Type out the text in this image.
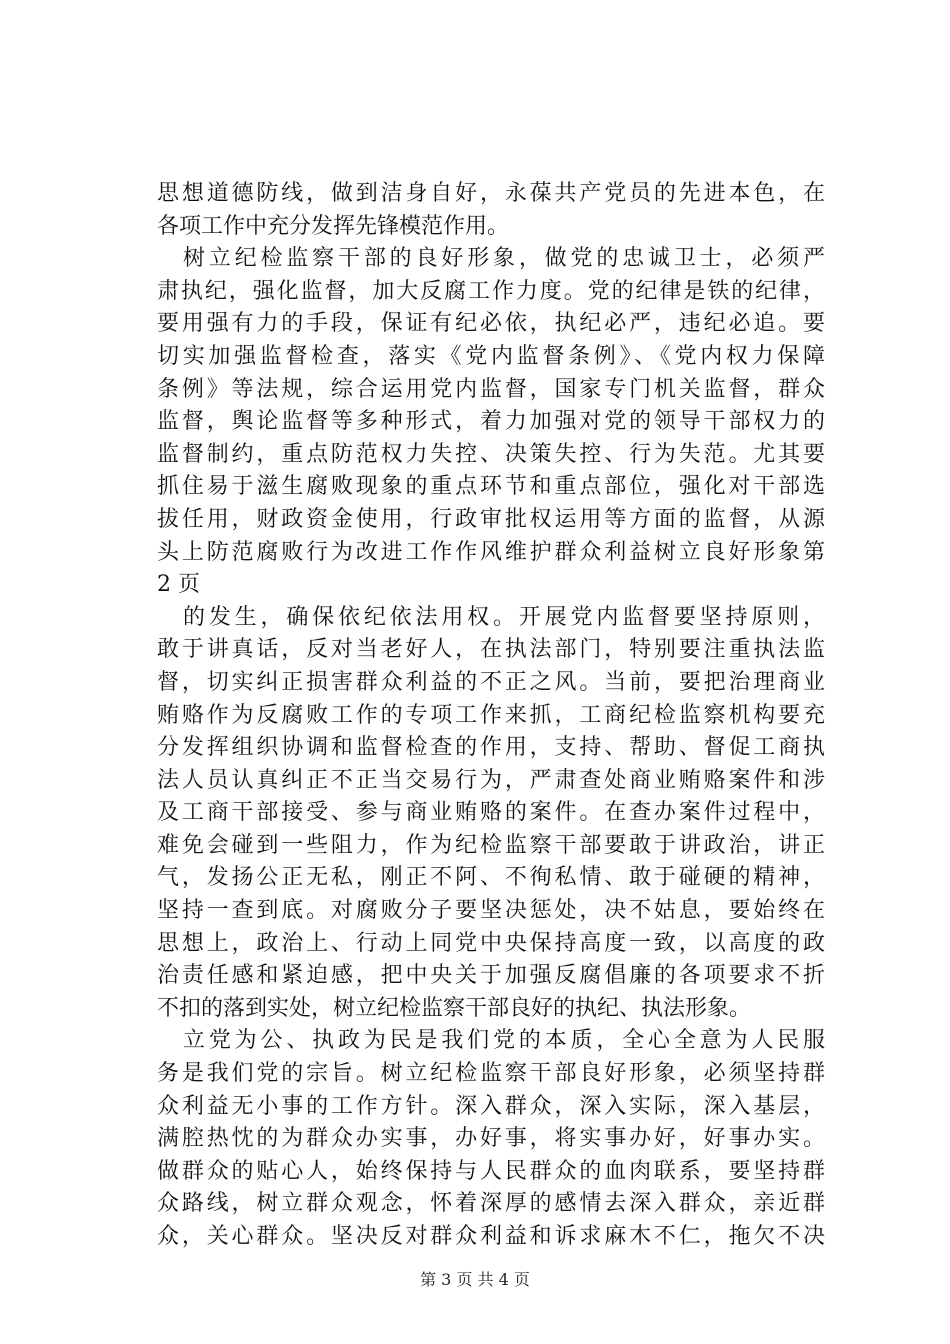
思想道德防线，做到洁身自好，永葆共产党员的先进本色，在
各项工作中充分发挥先锋模范作用。
树立纪检监察干部的良好形象，做党的忠诚卫士，必须严
肃执纪，强化监督，加大反腐工作力度。党的纪律是铁的纪律，
要用强有力的手段，保证有纪必依，执纪必严，违纪必追。要
切实加强监督检查，落实《党内监督条例》、《党内权力保障
条例》等法规，综合运用党内监督，国家专门机关监督，群众
监督，舆论监督等多种形式，着力加强对党的领导干部权力的
监督制约，重点防范权力失控、决策失控、行为失范。尤其要
抓住易于滋生腐败现象的重点环节和重点部位，强化对干部选
拔任用，财政资金使用，行政审批权运用等方面的监督，从源
头上防范腐败行为改进工作作风维护群众利益树立良好形象第
2 页
的发生，确保依纪依法用权。开展党内监督要坚持原则，
敢于讲真话，反对当老好人，在执法部门，特别要注重执法监
督，切实纠正损害群众利益的不正之风。当前，要把治理商业
贿赂作为反腐败工作的专项工作来抓，工商纪检监察机构要充
分发挥组织协调和监督检查的作用，支持、帮助、督促工商执
法人员认真纠正不正当交易行为，严肃查处商业贿赂案件和涉
及工商干部接受、参与商业贿赂的案件。在查办案件过程中，
难免会碰到一些阻力，作为纪检监察干部要敢于讲政治，讲正
气，发扬公正无私，刚正不阿、不徇私情、敢于碰硬的精神，
坚持一查到底。对腐败分子要坚决惩处，决不姑息，要始终在
思想上，政治上、行动上同党中央保持高度一致，以高度的政
治责任感和紧迫感，把中央关于加强反腐倡廉的各项要求不折
不扣的落到实处，树立纪检监察干部良好的执纪、执法形象。
立党为公、执政为民是我们党的本质，全心全意为人民服
务是我们党的宗旨。树立纪检监察干部良好形象，必须坚持群
众利益无小事的工作方针。深入群众，深入实际，深入基层，
满腔热忱的为群众办实事，办好事，将实事办好，好事办实。
做群众的贴心人，始终保持与人民群众的血肉联系，要坚持群
众路线，树立群众观念，怀着深厚的感情去深入群众，亲近群
众，关心群众。坚决反对群众利益和诉求麻木不仁，拖欠不决
第 3 页 共 4 页
